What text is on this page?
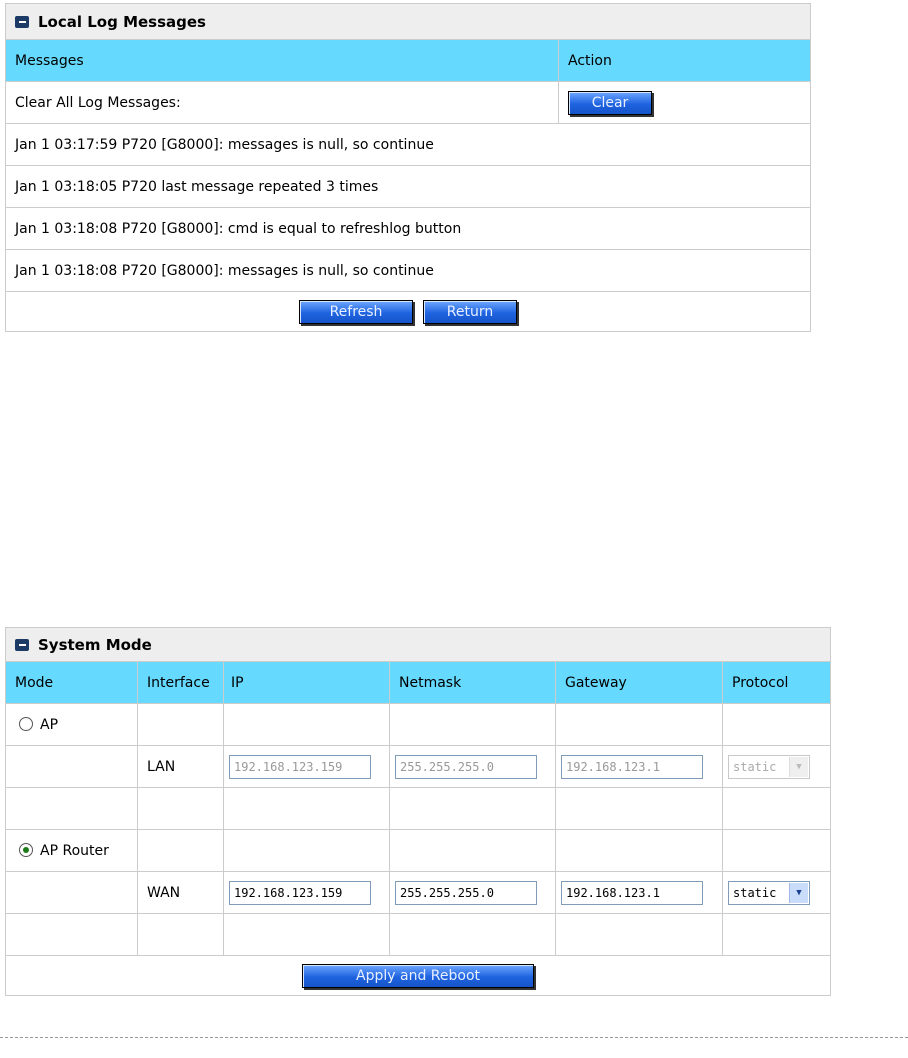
Local Log Messages	
Messages	Action
Clear All Log Messages:	Clear
Jan 1 03:17:59 P720 [G8000]: messages is null, so continue	
Jan 1 03:18:05 P720 last message repeated 3 times	
Jan 1 03:18:08 P720 [G8000]: cmd is equal to refreshlog button	
Jan 1 03:18:08 P720 [G8000]: messages is null, so continue	
Refresh Return	
System Mode					
Mode	Interface	IP	Netmask	Gateway	Protocol
AP					
	LAN	192.168.123.159	255.255.255.0	192.168.123.1	static ▼

AP Router					
	WAN	192.168.123.159	255.255.255.0	192.168.123.1	static ▼

Apply and Reboot					
